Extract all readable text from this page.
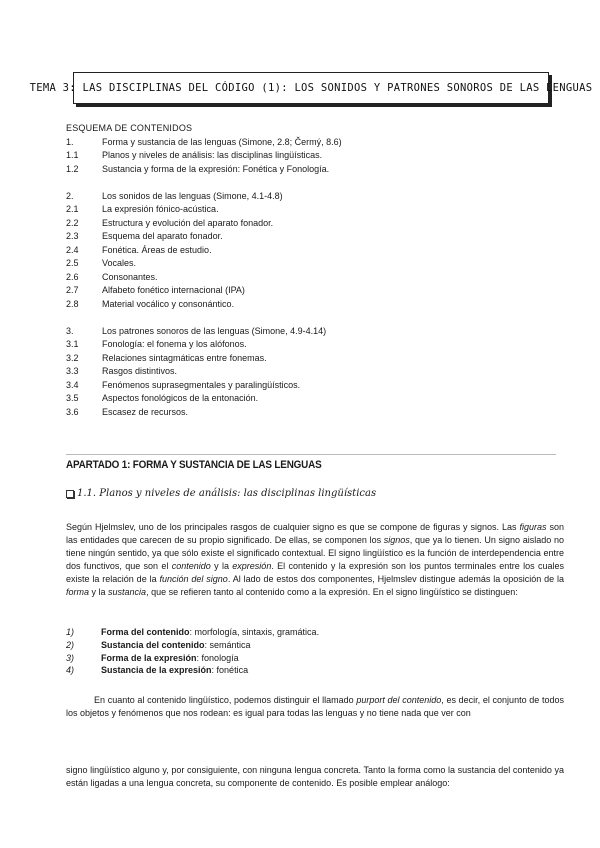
TEMA 3: LAS DISCIPLINAS DEL CÓDIGO (1): LOS SONIDOS Y PATRONES SONOROS DE LAS LENGUAS
ESQUEMA DE CONTENIDOS
1.	Forma y sustancia de las lenguas (Simone, 2.8; Čermý, 8.6)
1.1	Planos y niveles de análisis: las disciplinas lingüísticas.
1.2	Sustancia y forma de la expresión: Fonética y Fonología.
2.	Los sonidos de las lenguas (Simone, 4.1-4.8)
2.1	La expresión fónico-acústica.
2.2	Estructura y evolución del aparato fonador.
2.3	Esquema del aparato fonador.
2.4	Fonética. Áreas de estudio.
2.5	Vocales.
2.6	Consonantes.
2.7	Alfabeto fonético internacional (IPA)
2.8	Material vocálico y consonántico.
3.	Los patrones sonoros de las lenguas (Simone, 4.9-4.14)
3.1	Fonología: el fonema y los alófonos.
3.2	Relaciones sintagmáticas entre fonemas.
3.3	Rasgos distintivos.
3.4	Fenómenos suprasegmentales y paralingüísticos.
3.5	Aspectos fonológicos de la entonación.
3.6	Escasez de recursos.
APARTADO 1: FORMA Y SUSTANCIA DE LAS LENGUAS
1.1. Planos y niveles de análisis: las disciplinas lingüísticas
Según Hjelmslev, uno de los principales rasgos de cualquier signo es que se compone de figuras y signos. Las figuras son las entidades que carecen de su propio significado. De ellas, se componen los signos, que ya lo tienen. Un signo aislado no tiene ningún sentido, ya que sólo existe el significado contextual. El signo lingüístico es la función de interdependencia entre dos functivos, que son el contenido y la expresión. El contenido y la expresión son los puntos terminales entre los cuales existe la relación de la función del signo. Al lado de estos dos componentes, Hjelmslev distingue además la oposición de la forma y la sustancia, que se refieren tanto al contenido como a la expresión. En el signo lingüístico se distinguen:
1)	Forma del contenido : morfología, sintaxis, gramática.
2)	Sustancia del contenido : semántica
3)	Forma de la expresión : fonología
4)	Sustancia de la expresión : fonética
En cuanto al contenido lingüístico, podemos distinguir el llamado purport del contenido, es decir, el conjunto de todos los objetos y fenómenos que nos rodean: es igual para todas las lenguas y no tiene nada que ver con
signo lingüístico alguno y, por consiguiente, con ninguna lengua concreta. Tanto la forma como la sustancia del contenido ya están ligadas a una lengua concreta, su componente de contenido. Es posible emplear análogo:
